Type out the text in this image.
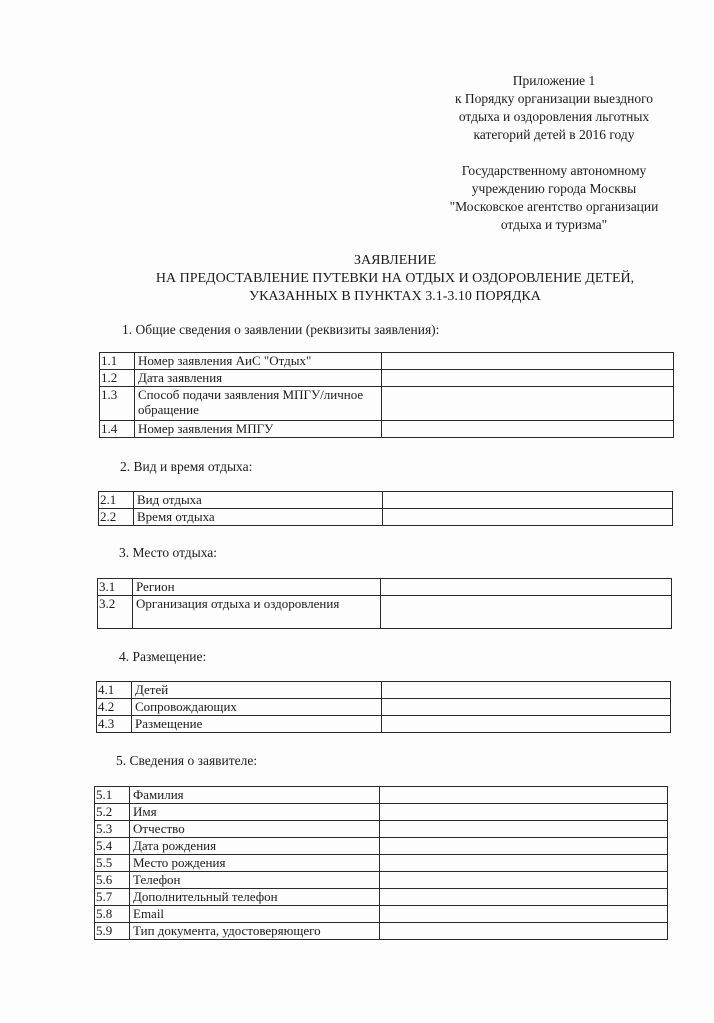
Приложение 1
к Порядку организации выездного
отдыха и оздоровления льготных
категорий детей в 2016 году
Государственному автономному
учреждению города Москвы
"Московское агентство организации
отдыха и туризма"
ЗАЯВЛЕНИЕ
НА ПРЕДОСТАВЛЕНИЕ ПУТЕВКИ НА ОТДЫХ И ОЗДОРОВЛЕНИЕ ДЕТЕЙ,
УКАЗАННЫХ В ПУНКТАХ 3.1-3.10 ПОРЯДКА
1. Общие сведения о заявлении (реквизиты заявления):
1.1	Номер заявления АиС "Отдых"	
1.2	Дата заявления	
1.3	Способ подачи заявления МПГУ/личное обращение	
1.4	Номер заявления МПГУ	
2. Вид и время отдыха:
2.1	Вид отдыха	
2.2	Время отдыха	
3. Место отдыха:
3.1	Регион	
3.2	Организация отдыха и оздоровления	
4. Размещение:
4.1	Детей	
4.2	Сопровождающих	
4.3	Размещение	
5. Сведения о заявителе:
5.1	Фамилия	
5.2	Имя	
5.3	Отчество	
5.4	Дата рождения	
5.5	Место рождения	
5.6	Телефон	
5.7	Дополнительный телефон	
5.8	Email	
5.9	Тип документа, удостоверяющего	
